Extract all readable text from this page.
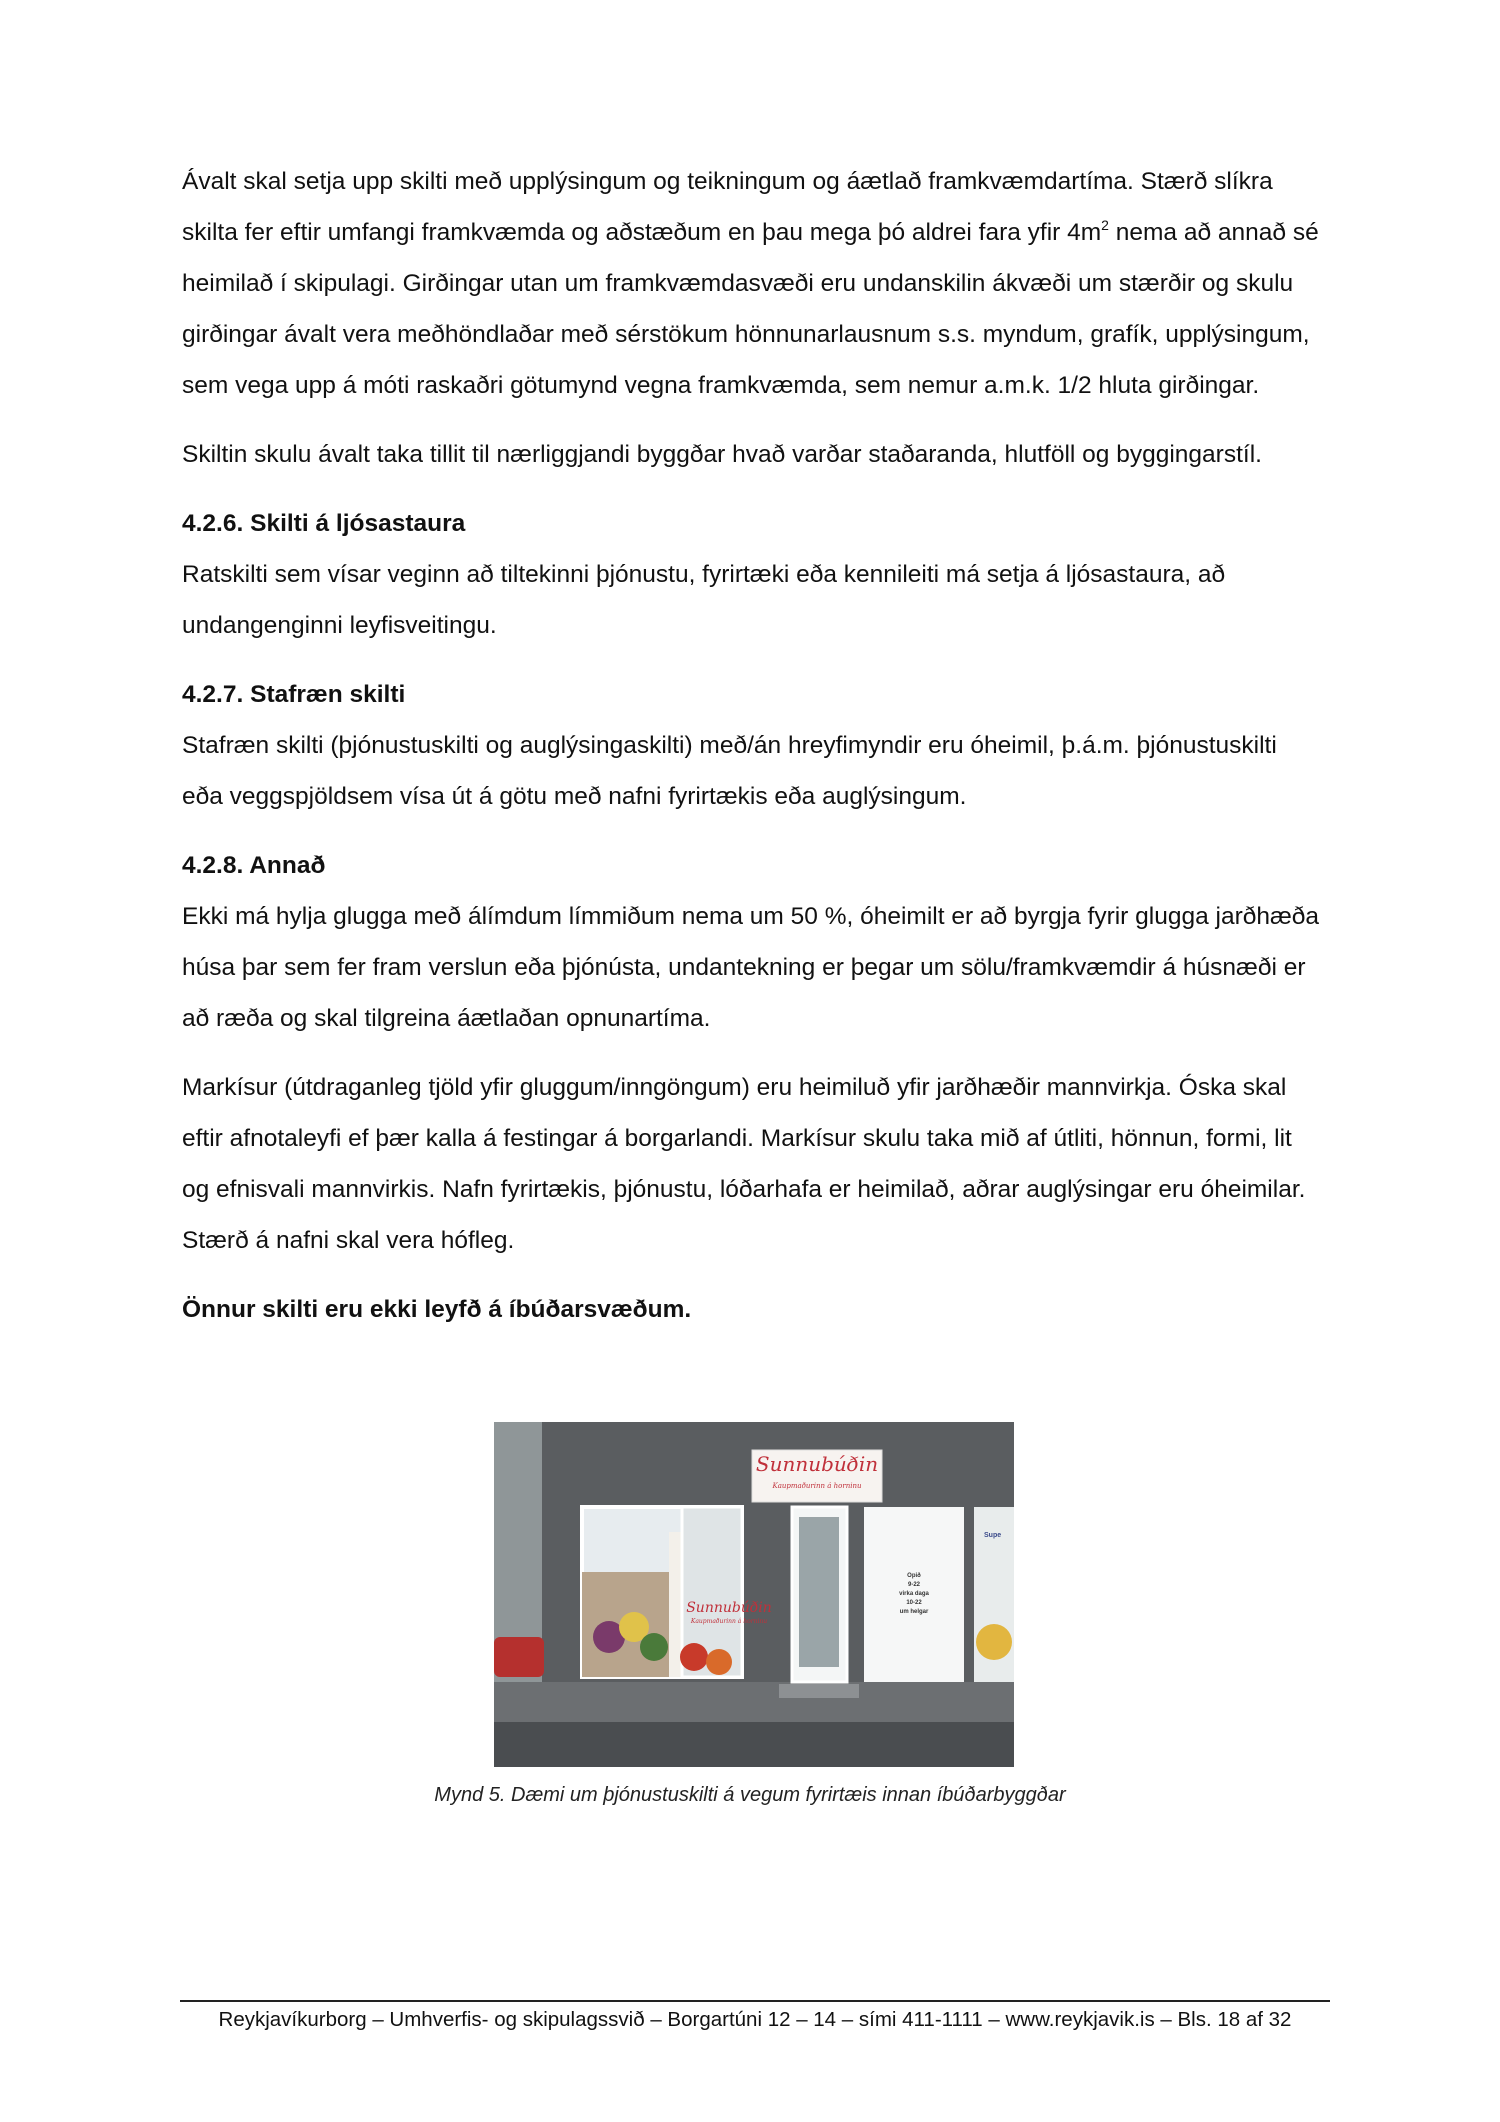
Ávalt skal setja upp skilti með upplýsingum og teikningum og áætlað framkvæmdartíma. Stærð slíkra skilta fer eftir umfangi framkvæmda og aðstæðum en þau mega þó aldrei fara yfir $4m^2$ nema að annað sé heimilað í skipulagi. Girðingar utan um framkvæmdasvæði eru undanskilin ákvæði um stærðir og skulu girðingar ávalt vera meðhöndlaðar með sérstökum hönnunarlausnum s.s. myndum, grafík, upplýsingum, sem vega upp á móti raskaðri götumynd vegna framkvæmda, sem nemur a.m.k. 1/2 hluta girðingar.

Skiltin skulu ávalt taka tillit til nærliggjandi byggðar hvað varðar staðaranda, hlutföll og byggingarstíl.

4.2.6. Skilti á ljósastaura

Ratskilti sem vísar veginn að tiltekinni þjónustu, fyrirtæki eða kennileiti má setja á ljósastaura, að undangenginni leyfisveitingu.

4.2.7. Stafræn skilti

Stafræn skilti (þjónustuskilti og auglýsingaskilti) með/án hreyfimyndir eru óheimil, þ.á.m. þjónustuskilti eða veggspjöldsem vísa út á götu með nafni fyrirtækis eða auglýsingum.

4.2.8. Annað

Ekki má hylja glugga með álímdum límmiðum nema um 50 %, óheimilt er að byrgja fyrir glugga jarðhæða húsa þar sem fer fram verslun eða þjónústa, undantekning er þegar um sölu/framkvæmdir á húsnæði er að ræða og skal tilgreina áætlaðan opnunartíma.

Markísur (útdraganleg tjöld yfir gluggum/inngöngum) eru heimiluð yfir jarðhæðir mannvirkja. Óska skal eftir afnotaleyfi ef þær kalla á festingar á borgarlandi. Markísur skulu taka mið af útliti, hönnun, formi, lit og efnisvali mannvirkis. Nafn fyrirtækis, þjónustu, lóðarhafa er heimilað, aðrar auglýsingar eru óheimilar. Stærð á nafni skal vera hófleg.

Önnur skilti eru ekki leyfð á íbúðarsvæðum.

Sunnubúðin
Kaupmaðurinn á horninu
Sunnubúðin
Kaupmaðurinn á horninu
Opið
9-22
virka daga
10-22
um helgar
Supe
Mynd 5. Dæmi um þjónustuskilti á vegum fyrirtæis innan íbúðarbyggðar
Reykjavíkurborg – Umhverfis- og skipulagssvið – Borgartúni 12 – 14 – sími 411-1111 – www.reykjavik.is – Bls. 18 af 32
